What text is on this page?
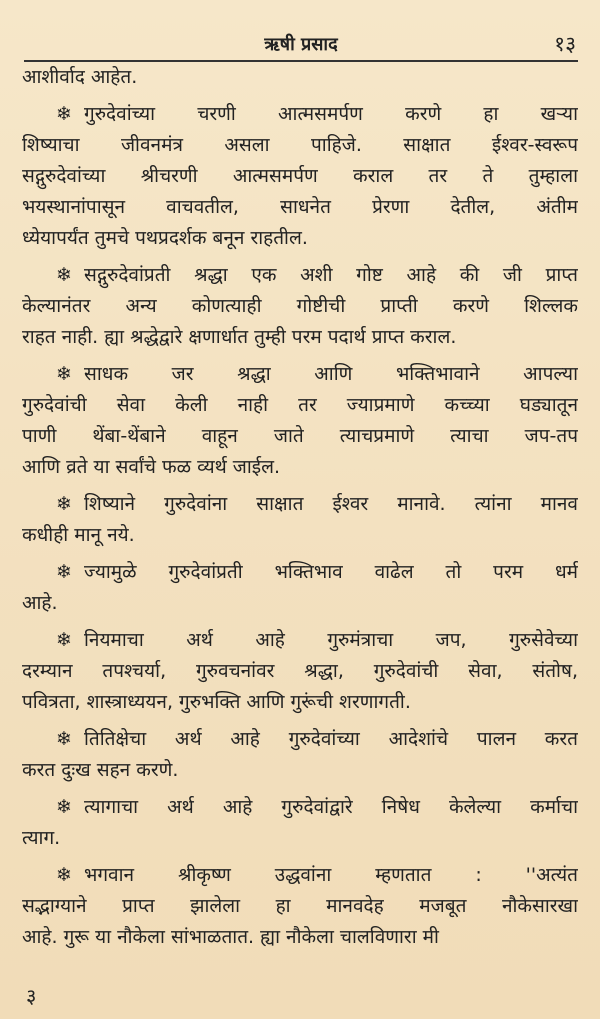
ऋषी प्रसाद	१३
आशीर्वाद आहेत.
❄ गुरुदेवांच्या चरणी आत्मसमर्पण करणे हा खऱ्या
शिष्याचा जीवनमंत्र असला पाहिजे. साक्षात ईश्वर-स्वरूप
सद्गुरुदेवांच्या श्रीचरणी आत्मसमर्पण कराल तर ते तुम्हाला
भयस्थानांपासून वाचवतील, साधनेत प्रेरणा देतील, अंतीम
ध्येयापर्यंत तुमचे पथप्रदर्शक बनून राहतील.
❄ सद्गुरुदेवांप्रती श्रद्धा एक अशी गोष्ट आहे की जी प्राप्त
केल्यानंतर अन्य कोणत्याही गोष्टीची प्राप्ती करणे शिल्लक
राहत नाही. ह्या श्रद्धेद्वारे क्षणार्धात तुम्ही परम पदार्थ प्राप्त कराल.
❄ साधक जर श्रद्धा आणि भक्तिभावाने आपल्या
गुरुदेवांची सेवा केली नाही तर ज्याप्रमाणे कच्च्या घड्यातून
पाणी थेंबा-थेंबाने वाहून जाते त्याचप्रमाणे त्याचा जप-तप
आणि व्रते या सर्वांचे फळ व्यर्थ जाईल.
❄ शिष्याने गुरुदेवांना साक्षात ईश्वर मानावे. त्यांना मानव
कधीही मानू नये.
❄ ज्यामुळे गुरुदेवांप्रती भक्तिभाव वाढेल तो परम धर्म
आहे.
❄ नियमाचा अर्थ आहे गुरुमंत्राचा जप, गुरुसेवेच्या
दरम्यान तपश्चर्या, गुरुवचनांवर श्रद्धा, गुरुदेवांची सेवा, संतोष,
पवित्रता, शास्त्राध्ययन, गुरुभक्ति आणि गुरूंची शरणागती.
❄ तितिक्षेचा अर्थ आहे गुरुदेवांच्या आदेशांचे पालन करत
करत दुःख सहन करणे.
❄ त्यागाचा अर्थ आहे गुरुदेवांद्वारे निषेध केलेल्या कर्माचा
त्याग.
❄ भगवान श्रीकृष्ण उद्धवांना म्हणतात : ''अत्यंत
सद्भाग्याने प्राप्त झालेला हा मानवदेह मजबूत नौकेसारखा
आहे. गुरू या नौकेला सांभाळतात. ह्या नौकेला चालविणारा मी
३
